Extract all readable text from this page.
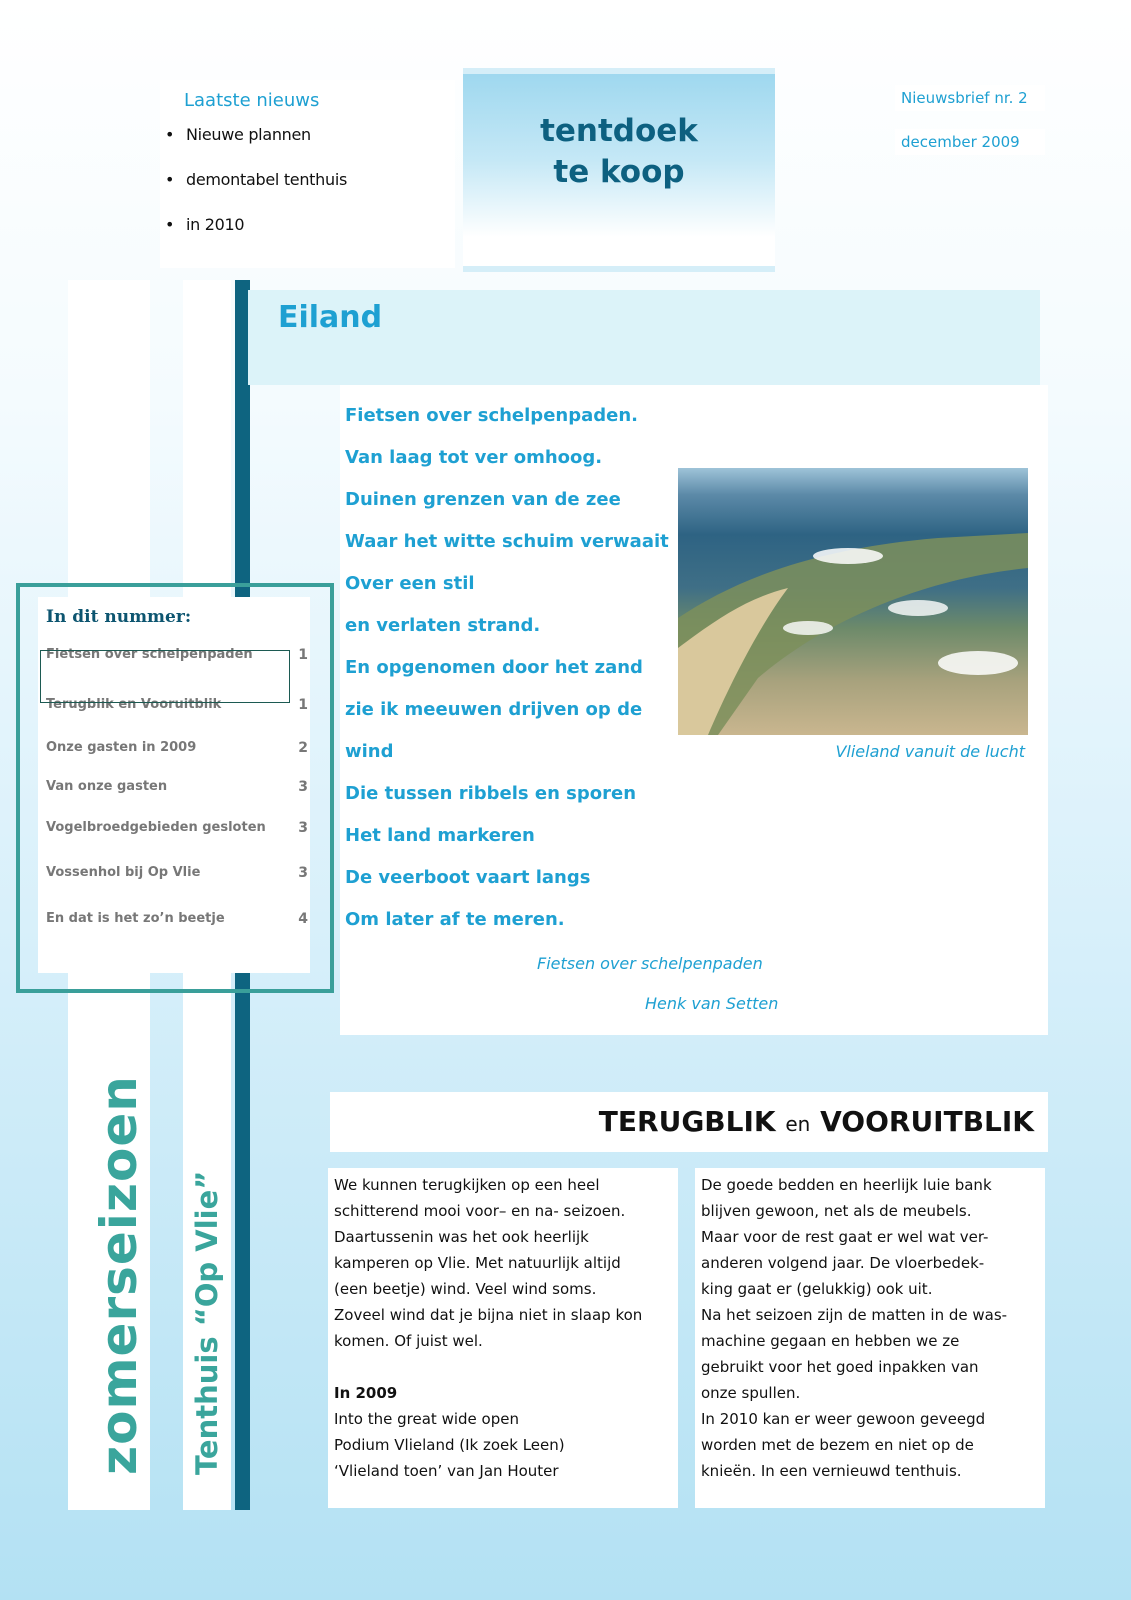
Laatste nieuws
• Nieuwe plannen
• demontabel tenthuis
• in 2010
tentdoek
te koop
Nieuwsbrief nr. 2
december 2009
Eiland
Fietsen over schelpenpaden.
Van laag tot ver omhoog.
Duinen grenzen van de zee
Waar het witte schuim verwaait
Over een stil
en verlaten strand.
En opgenomen door het zand
zie ik meeuwen drijven op de
wind
Die tussen ribbels en sporen
Het land markeren
De veerboot vaart langs
Om later af te meren.
Vlieland vanuit de lucht
Fietsen over schelpenpaden
Henk van Setten
In dit nummer:
Fietsen over schelpenpaden	1
Terugblik en Vooruitblik	1
Onze gasten in 2009	2
Van onze gasten	3
Vogelbroedgebieden gesloten 3
Vossenhol bij Op Vlie	3
En dat is het zo’n beetje	4
zomerseizoen Tenthuis “Op Vlie”
TERUGBLIK en VOORUITBLIK
We kunnen terugkijken op een heel
schitterend mooi voor– en na- seizoen.
Daartussenin was het ook heerlijk
kamperen op Vlie. Met natuurlijk altijd
(een beetje) wind. Veel wind soms.
Zoveel wind dat je bijna niet in slaap kon
komen. Of juist wel.
In 2009
Into the great wide open
Podium Vlieland (Ik zoek Leen)
‘Vlieland toen’ van Jan Houter
De goede bedden en heerlijk luie bank
blijven gewoon, net als de meubels.
Maar voor de rest gaat er wel wat ver-
anderen volgend jaar. De vloerbedek-
king gaat er (gelukkig) ook uit.
Na het seizoen zijn de matten in de was-
machine gegaan en hebben we ze
gebruikt voor het goed inpakken van
onze spullen.
In 2010 kan er weer gewoon geveegd
worden met de bezem en niet op de
knieën. In een vernieuwd tenthuis.
